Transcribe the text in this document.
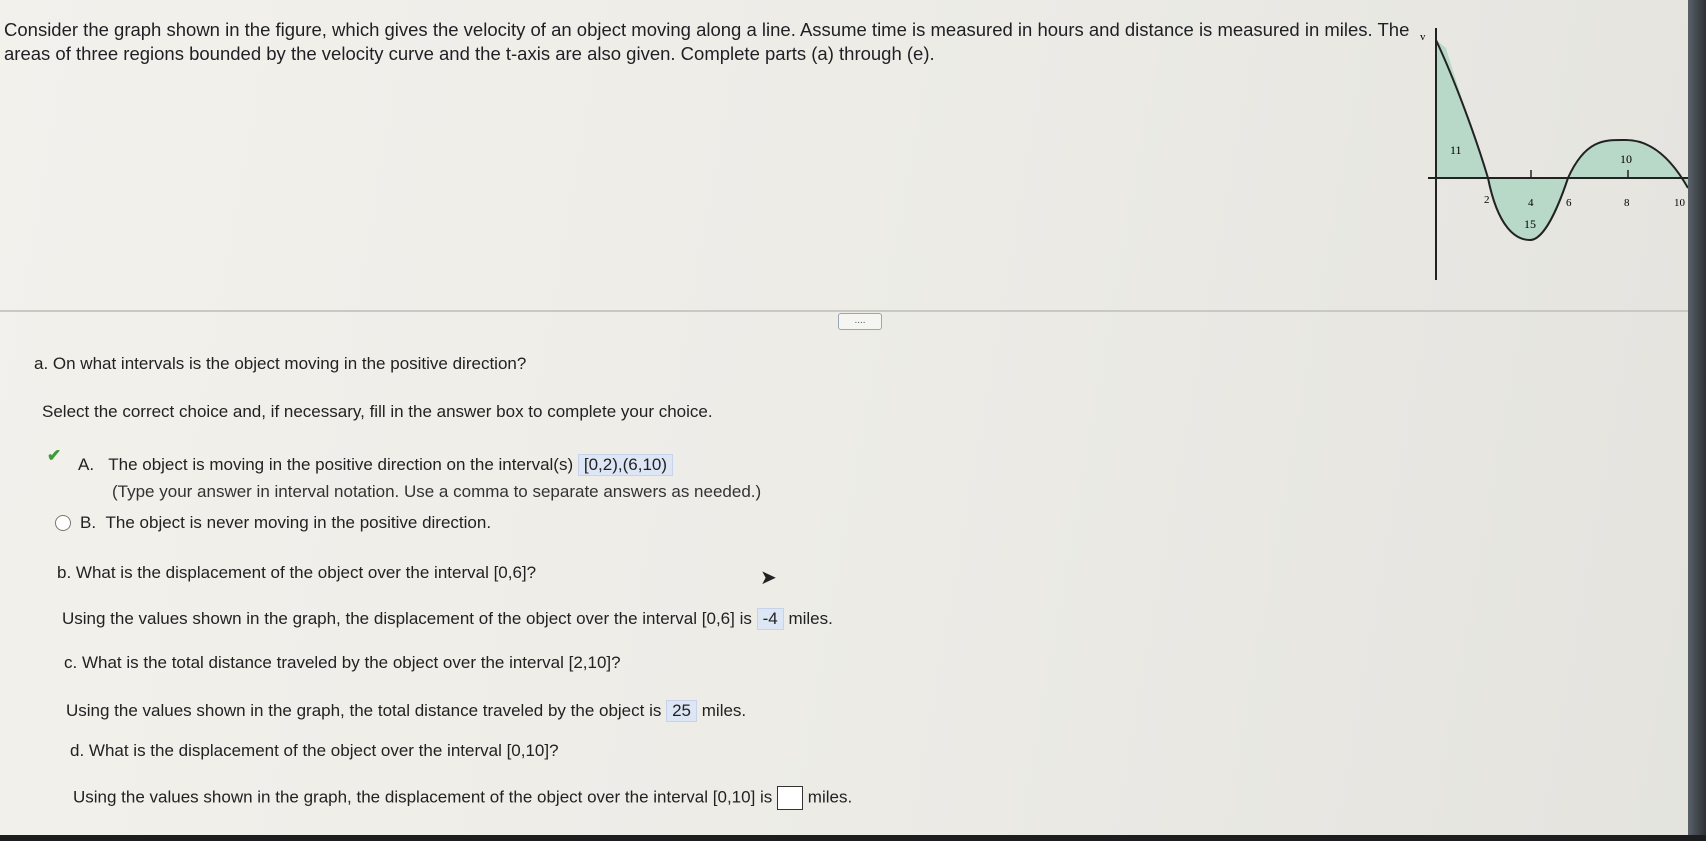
Consider the graph shown in the figure, which gives the velocity of an object moving along a line. Assume time is measured in hours and distance is measured in miles. The areas of three regions bounded by the velocity curve and the t-axis are also given. Complete parts (a) through (e).
v
11
15
10
2	4	6	8	10
....
a. On what intervals is the object moving in the positive direction?
Select the correct choice and, if necessary, fill in the answer box to complete your choice.
✔ A. The object is moving in the positive direction on the interval(s) [0,2),(6,10)
(Type your answer in interval notation. Use a comma to separate answers as needed.)
B. The object is never moving in the positive direction.
b. What is the displacement of the object over the interval [0,6]?	➤
Using the values shown in the graph, the displacement of the object over the interval [0,6] is -4 miles.
c. What is the total distance traveled by the object over the interval [2,10]?
Using the values shown in the graph, the total distance traveled by the object is 25 miles.
d. What is the displacement of the object over the interval [0,10]?
Using the values shown in the graph, the displacement of the object over the interval [0,10] is miles.
